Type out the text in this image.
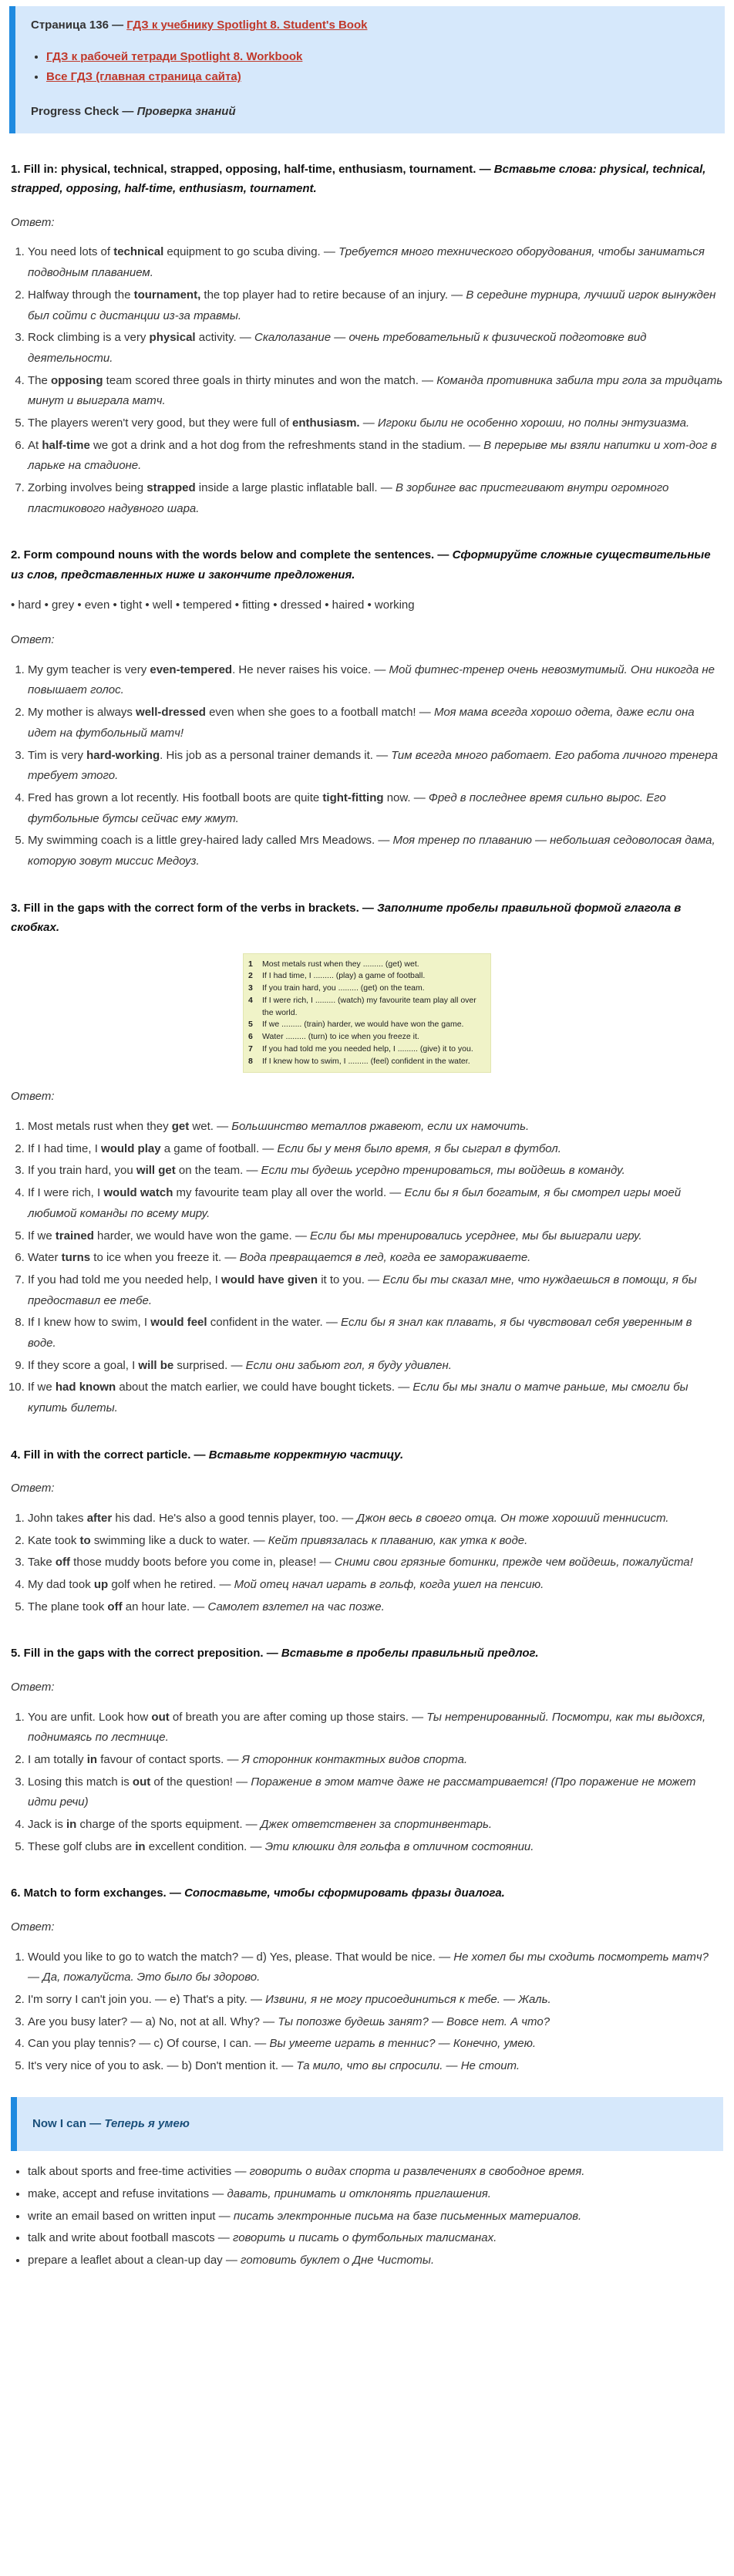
Страница 136 — ГДЗ к учебнику Spotlight 8. Student's Book
• ГДЗ к рабочей тетради Spotlight 8. Workbook
• Все ГДЗ (главная страница сайта)
Progress Check — Проверка знаний
1. Fill in: physical, technical, strapped, opposing, half-time, enthusiasm, tournament. — Вставьте слова: physical, technical, strapped, opposing, half-time, enthusiasm, tournament.
Ответ:
1. You need lots of technical equipment to go scuba diving. — Требуется много технического оборудования, чтобы заниматься подводным плаванием.
2. Halfway through the tournament, the top player had to retire because of an injury. — В середине турнира, лучший игрок вынужден был сойти с дистанции из-за травмы.
3. Rock climbing is a very physical activity. — Скалолазание — очень требовательный к физической подготовке вид деятельности.
4. The opposing team scored three goals in thirty minutes and won the match. — Команда противника забила три гола за тридцать минут и выиграла матч.
5. The players weren't very good, but they were full of enthusiasm. — Игроки были не особенно хороши, но полны энтузиазма.
6. At half-time we got a drink and a hot dog from the refreshments stand in the stadium. — В перерыве мы взяли напитки и хот-дог в ларьке на стадионе.
7. Zorbing involves being strapped inside a large plastic inflatable ball. — В зорбинге вас пристегивают внутри огромного пластикового надувного шара.
2. Form compound nouns with the words below and complete the sentences. — Сформируйте сложные существительные из слов, представленных ниже и закончите предложения.
• hard • grey • even • tight • well • tempered • fitting • dressed • haired • working
Ответ:
1. My gym teacher is very even-tempered. He never raises his voice. — Мой фитнес-тренер очень невозмутимый. Они никогда не повышает голос.
2. My mother is always well-dressed even when she goes to a football match! — Моя мама всегда хорошо одета, даже если она идет на футбольный матч!
3. Tim is very hard-working. His job as a personal trainer demands it. — Тим всегда много работает. Его работа личного тренера требует этого.
4. Fred has grown a lot recently. His football boots are quite tight-fitting now. — Фред в последнее время сильно вырос. Его футбольные бутсы сейчас ему жмут.
5. My swimming coach is a little grey-haired lady called Mrs Meadows. — Моя тренер по плаванию — небольшая седоволосая дама, которую зовут миссис Медоуз.
3. Fill in the gaps with the correct form of the verbs in brackets. — Заполните пробелы правильной формой глагола в скобках.
1	Most metals rust when they ......... (get) wet.
2	If I had time, I ......... (play) a game of football.
3	If you train hard, you ......... (get) on the team.
4	If I were rich, I ......... (watch) my favourite team play all over the world.
5	If we ......... (train) harder, we would have won the game.
6	Water ......... (turn) to ice when you freeze it.
7	If you had told me you needed help, I ......... (give) it to you.
8	If I knew how to swim, I ......... (feel) confident in the water.
Ответ:
1. Most metals rust when they get wet. — Большинство металлов ржавеют, если их намочить.
2. If I had time, I would play a game of football. — Если бы у меня было время, я бы сыграл в футбол.
3. If you train hard, you will get on the team. — Если ты будешь усердно тренироваться, ты войдешь в команду.
4. If I were rich, I would watch my favourite team play all over the world. — Если бы я был богатым, я бы смотрел игры моей любимой команды по всему миру.
5. If we trained harder, we would have won the game. — Если бы мы тренировались усерднее, мы бы выиграли игру.
6. Water turns to ice when you freeze it. — Вода превращается в лед, когда ее замораживаете.
7. If you had told me you needed help, I would have given it to you. — Если бы ты сказал мне, что нуждаешься в помощи, я бы предоставил ее тебе.
8. If I knew how to swim, I would feel confident in the water. — Если бы я знал как плавать, я бы чувствовал себя уверенным в воде.
9. If they score a goal, I will be surprised. — Если они забьют гол, я буду удивлен.
10. If we had known about the match earlier, we could have bought tickets. — Если бы мы знали о матче раньше, мы смогли бы купить билеты.
4. Fill in with the correct particle. — Вставьте корректную частицу.
Ответ:
1. John takes after his dad. He's also a good tennis player, too. — Джон весь в своего отца. Он тоже хороший теннисист.
2. Kate took to swimming like a duck to water. — Кейт привязалась к плаванию, как утка к воде.
3. Take off those muddy boots before you come in, please! — Сними свои грязные ботинки, прежде чем войдешь, пожалуйста!
4. My dad took up golf when he retired. — Мой отец начал играть в гольф, когда ушел на пенсию.
5. The plane took off an hour late. — Самолет взлетел на час позже.
5. Fill in the gaps with the correct preposition. — Вставьте в пробелы правильный предлог.
Ответ:
1. You are unfit. Look how out of breath you are after coming up those stairs. — Ты нетренированный. Посмотри, как ты выдохся, поднимаясь по лестнице.
2. I am totally in favour of contact sports. — Я сторонник контактных видов спорта.
3. Losing this match is out of the question! — Поражение в этом матче даже не рассматривается! (Про поражение не может идти речи)
4. Jack is in charge of the sports equipment. — Джек ответственен за спортинвентарь.
5. These golf clubs are in excellent condition. — Эти клюшки для гольфа в отличном состоянии.
6. Match to form exchanges. — Сопоставьте, чтобы сформировать фразы диалога.
Ответ:
1. Would you like to go to watch the match? — d) Yes, please. That would be nice. — Не хотел бы ты сходить посмотреть матч? — Да, пожалуйста. Это было бы здорово.
2. I'm sorry I can't join you. — e) That's a pity. — Извини, я не могу присоединиться к тебе. — Жаль.
3. Are you busy later? — a) No, not at all. Why? — Ты попозже будешь занят? — Вовсе нет. А что?
4. Can you play tennis? — c) Of course, I can. — Вы умеете играть в теннис? — Конечно, умею.
5. It's very nice of you to ask. — b) Don't mention it. — Та мило, что вы спросили. — Не стоит.
Now I can — Теперь я умею
• talk about sports and free-time activities — говорить о видах спорта и развлечениях в свободное время.
• make, accept and refuse invitations — давать, принимать и отклонять приглашения.
• write an email based on written input — писать электронные письма на базе письменных материалов.
• talk and write about football mascots — говорить и писать о футбольных талисманах.
• prepare a leaflet about a clean-up day — готовить буклет о Дне Чистоты.
